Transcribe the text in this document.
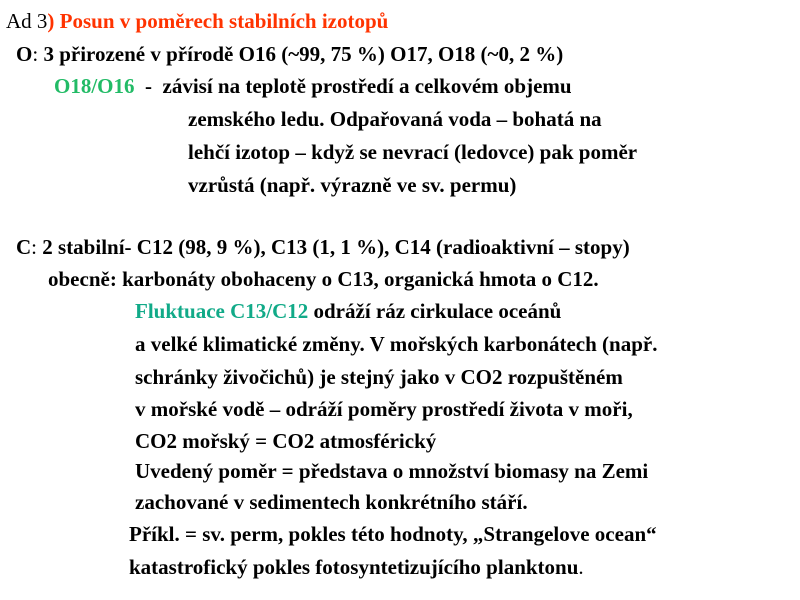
Ad 3) Posun v poměrech stabilních izotopů
O: 3 přirozené v přírodě O16 (~99, 75 %) O17, O18 (~0, 2 %)
O18/O16 - závisí na teplotě prostředí a celkovém objemu
zemského ledu. Odpařovaná voda – bohatá na
lehčí izotop – když se nevrací (ledovce) pak poměr
vzrůstá (např. výrazně ve sv. permu)
C: 2 stabilní- C12 (98, 9 %), C13 (1, 1 %), C14 (radioaktivní – stopy)
obecně: karbonáty obohaceny o C13, organická hmota o C12.
Fluktuace C13/C12 odráží ráz cirkulace oceánů
a velké klimatické změny. V mořských karbonátech (např.
schránky živočichů) je stejný jako v CO2 rozpuštěném
v mořské vodě – odráží poměry prostředí života v moři,
CO2 mořský = CO2 atmosférický
Uvedený poměr = představa o množství biomasy na Zemi
zachované v sedimentech konkrétního stáří.
Příkl. = sv. perm, pokles této hodnoty, „Strangelove ocean“
katastrofický pokles fotosyntetizujícího planktonu.
